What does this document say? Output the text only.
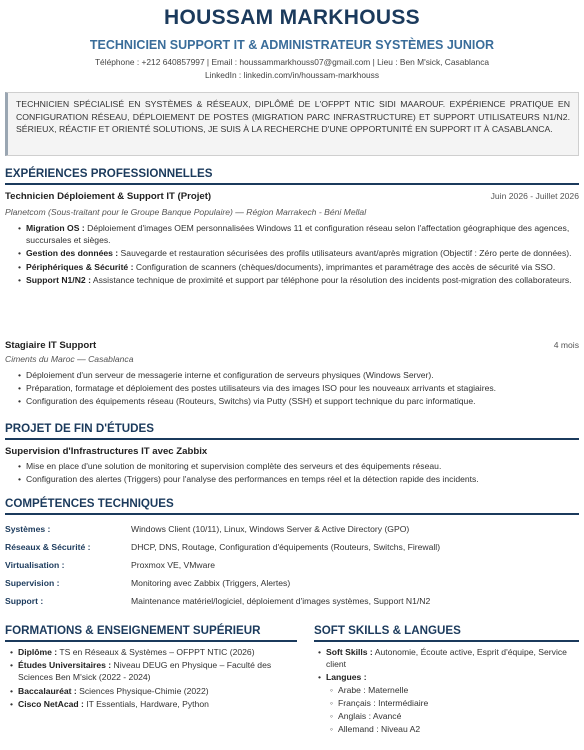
HOUSSAM MARKHOUSS
TECHNICIEN SUPPORT IT & ADMINISTRATEUR SYSTÈMES JUNIOR
Téléphone : +212 640857997 | Email : houssammarkhouss07@gmail.com | Lieu : Ben M'sick, Casablanca
LinkedIn : linkedin.com/in/houssam-markhouss
TECHNICIEN SPÉCIALISÉ EN SYSTÈMES & RÉSEAUX, DIPLÔMÉ DE L'OFPPT NTIC SIDI MAAROUF. EXPÉRIENCE PRATIQUE EN CONFIGURATION RÉSEAU, DÉPLOIEMENT DE POSTES (MIGRATION PARC INFRASTRUCTURE) ET SUPPORT UTILISATEURS N1/N2. SÉRIEUX, RÉACTIF ET ORIENTÉ SOLUTIONS, JE SUIS À LA RECHERCHE D'UNE OPPORTUNITÉ EN SUPPORT IT À CASABLANCA.
EXPÉRIENCES PROFESSIONNELLES
Technicien Déploiement & Support IT (Projet)	Juin 2026 - Juillet 2026
Planetcom (Sous-traitant pour le Groupe Banque Populaire) — Région Marrakech - Béni Mellal
• Migration OS : Déploiement d'images OEM personnalisées Windows 11 et configuration réseau selon l'affectation géographique des agences, succursales et sièges.
• Gestion des données : Sauvegarde et restauration sécurisées des profils utilisateurs avant/après migration (Objectif : Zéro perte de données).
• Périphériques & Sécurité : Configuration de scanners (chèques/documents), imprimantes et paramétrage des accès de sécurité via SSO.
• Support N1/N2 : Assistance technique de proximité et support par téléphone pour la résolution des incidents post-migration des collaborateurs.
Stagiaire IT Support	4 mois
Ciments du Maroc — Casablanca
• Déploiement d'un serveur de messagerie interne et configuration de serveurs physiques (Windows Server).
• Préparation, formatage et déploiement des postes utilisateurs via des images ISO pour les nouveaux arrivants et stagiaires.
• Configuration des équipements réseau (Routeurs, Switchs) via Putty (SSH) et support technique du parc informatique.
PROJET DE FIN D'ÉTUDES
Supervision d'Infrastructures IT avec Zabbix
• Mise en place d'une solution de monitoring et supervision complète des serveurs et des équipements réseau.
• Configuration des alertes (Triggers) pour l'analyse des performances en temps réel et la détection rapide des incidents.
COMPÉTENCES TECHNIQUES
Systèmes :	Windows Client (10/11), Linux, Windows Server & Active Directory (GPO)
Réseaux & Sécurité :	DHCP, DNS, Routage, Configuration d'équipements (Routeurs, Switchs, Firewall)
Virtualisation :	Proxmox VE, VMware
Supervision :	Monitoring avec Zabbix (Triggers, Alertes)
Support :	Maintenance matériel/logiciel, déploiement d'images systèmes, Support N1/N2
FORMATIONS & ENSEIGNEMENT SUPÉRIEUR
• Diplôme : TS en Réseaux & Systèmes – OFPPT NTIC (2026)
• Études Universitaires : Niveau DEUG en Physique – Faculté des Sciences Ben M'sick (2022 - 2024)
• Baccalauréat : Sciences Physique-Chimie (2022)
• Cisco NetAcad : IT Essentials, Hardware, Python
SOFT SKILLS & LANGUES
• Soft Skills : Autonomie, Écoute active, Esprit d'équipe, Service client
• Langues :
◦ Arabe : Maternelle
◦ Français : Intermédiaire
◦ Anglais : Avancé
◦ Allemand : Niveau A2
